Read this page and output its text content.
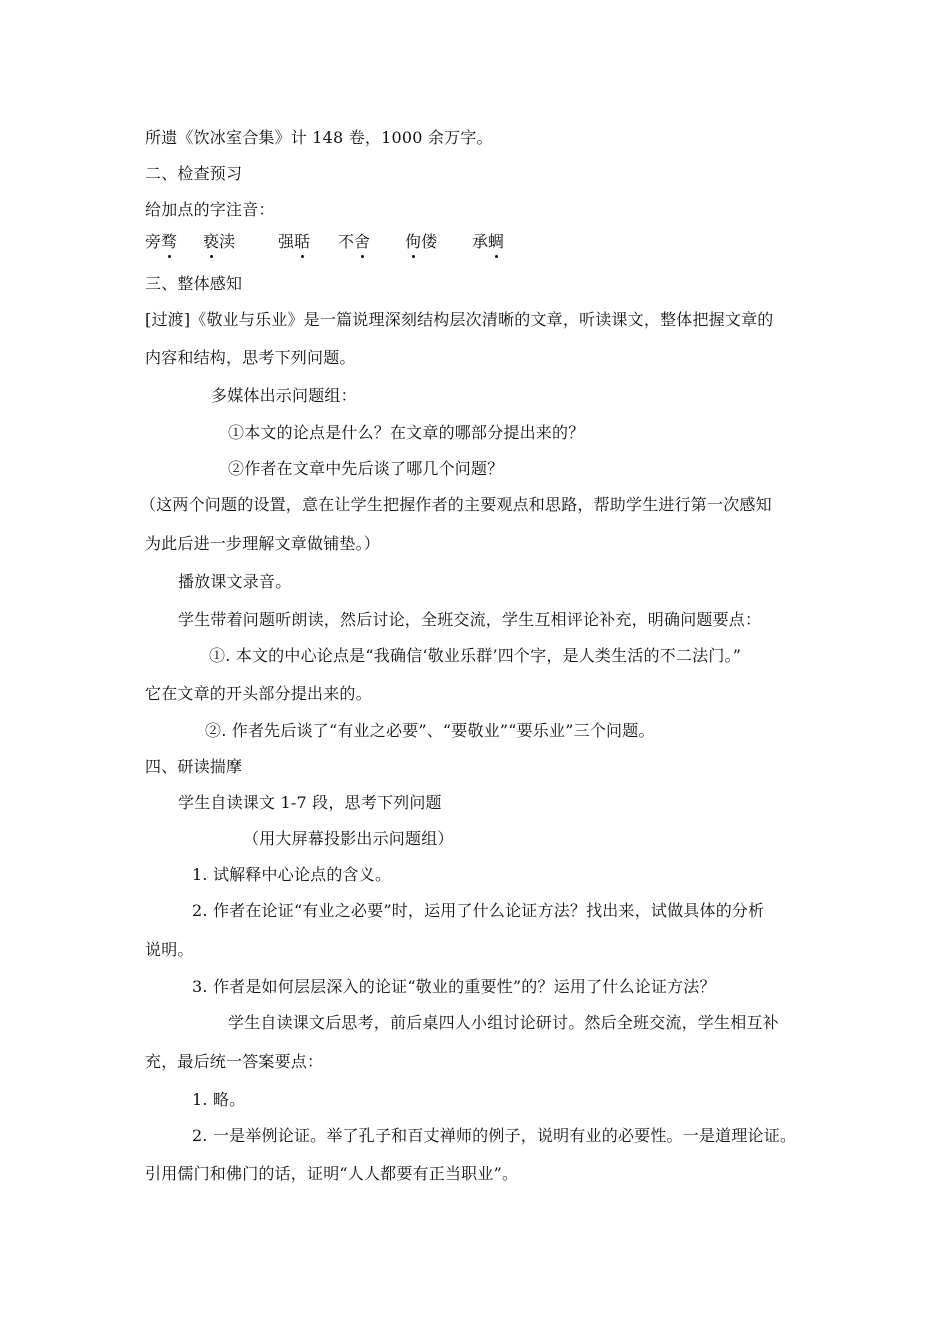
所遗《饮冰室合集》计 148 卷，1000 余万字。
二、检查预习
给加点的字注音：
旁骛 亵渎	强聒 不舍 佝偻 承蜩
三、整体感知
[过渡]《敬业与乐业》是一篇说理深刻结构层次清晰的文章，听读课文，整体把握文章的
内容和结构，思考下列问题。
多媒体出示问题组：
①本文的论点是什么？在文章的哪部分提出来的？
②作者在文章中先后谈了哪几个问题？
（这两个问题的设置，意在让学生把握作者的主要观点和思路，帮助学生进行第一次感知
为此后进一步理解文章做铺垫。）
播放课文录音。
学生带着问题听朗读，然后讨论，全班交流，学生互相评论补充，明确问题要点：
①. 本文的中心论点是“我确信‘敬业乐群’四个字，是人类生活的不二法门。”
它在文章的开头部分提出来的。
②. 作者先后谈了“有业之必要”、“要敬业”“要乐业”三个问题。
四、研读揣摩
学生自读课文 1-7 段，思考下列问题
（用大屏幕投影出示问题组）
1. 试解释中心论点的含义。
2. 作者在论证“有业之必要”时，运用了什么论证方法？找出来，试做具体的分析
说明。
3. 作者是如何层层深入的论证“敬业的重要性”的？运用了什么论证方法？
学生自读课文后思考，前后桌四人小组讨论研讨。然后全班交流，学生相互补
充，最后统一答案要点：
1. 略。
2. 一是举例论证。举了孔子和百丈禅师的例子，说明有业的必要性。一是道理论证。
引用儒门和佛门的话，证明“人人都要有正当职业”。
